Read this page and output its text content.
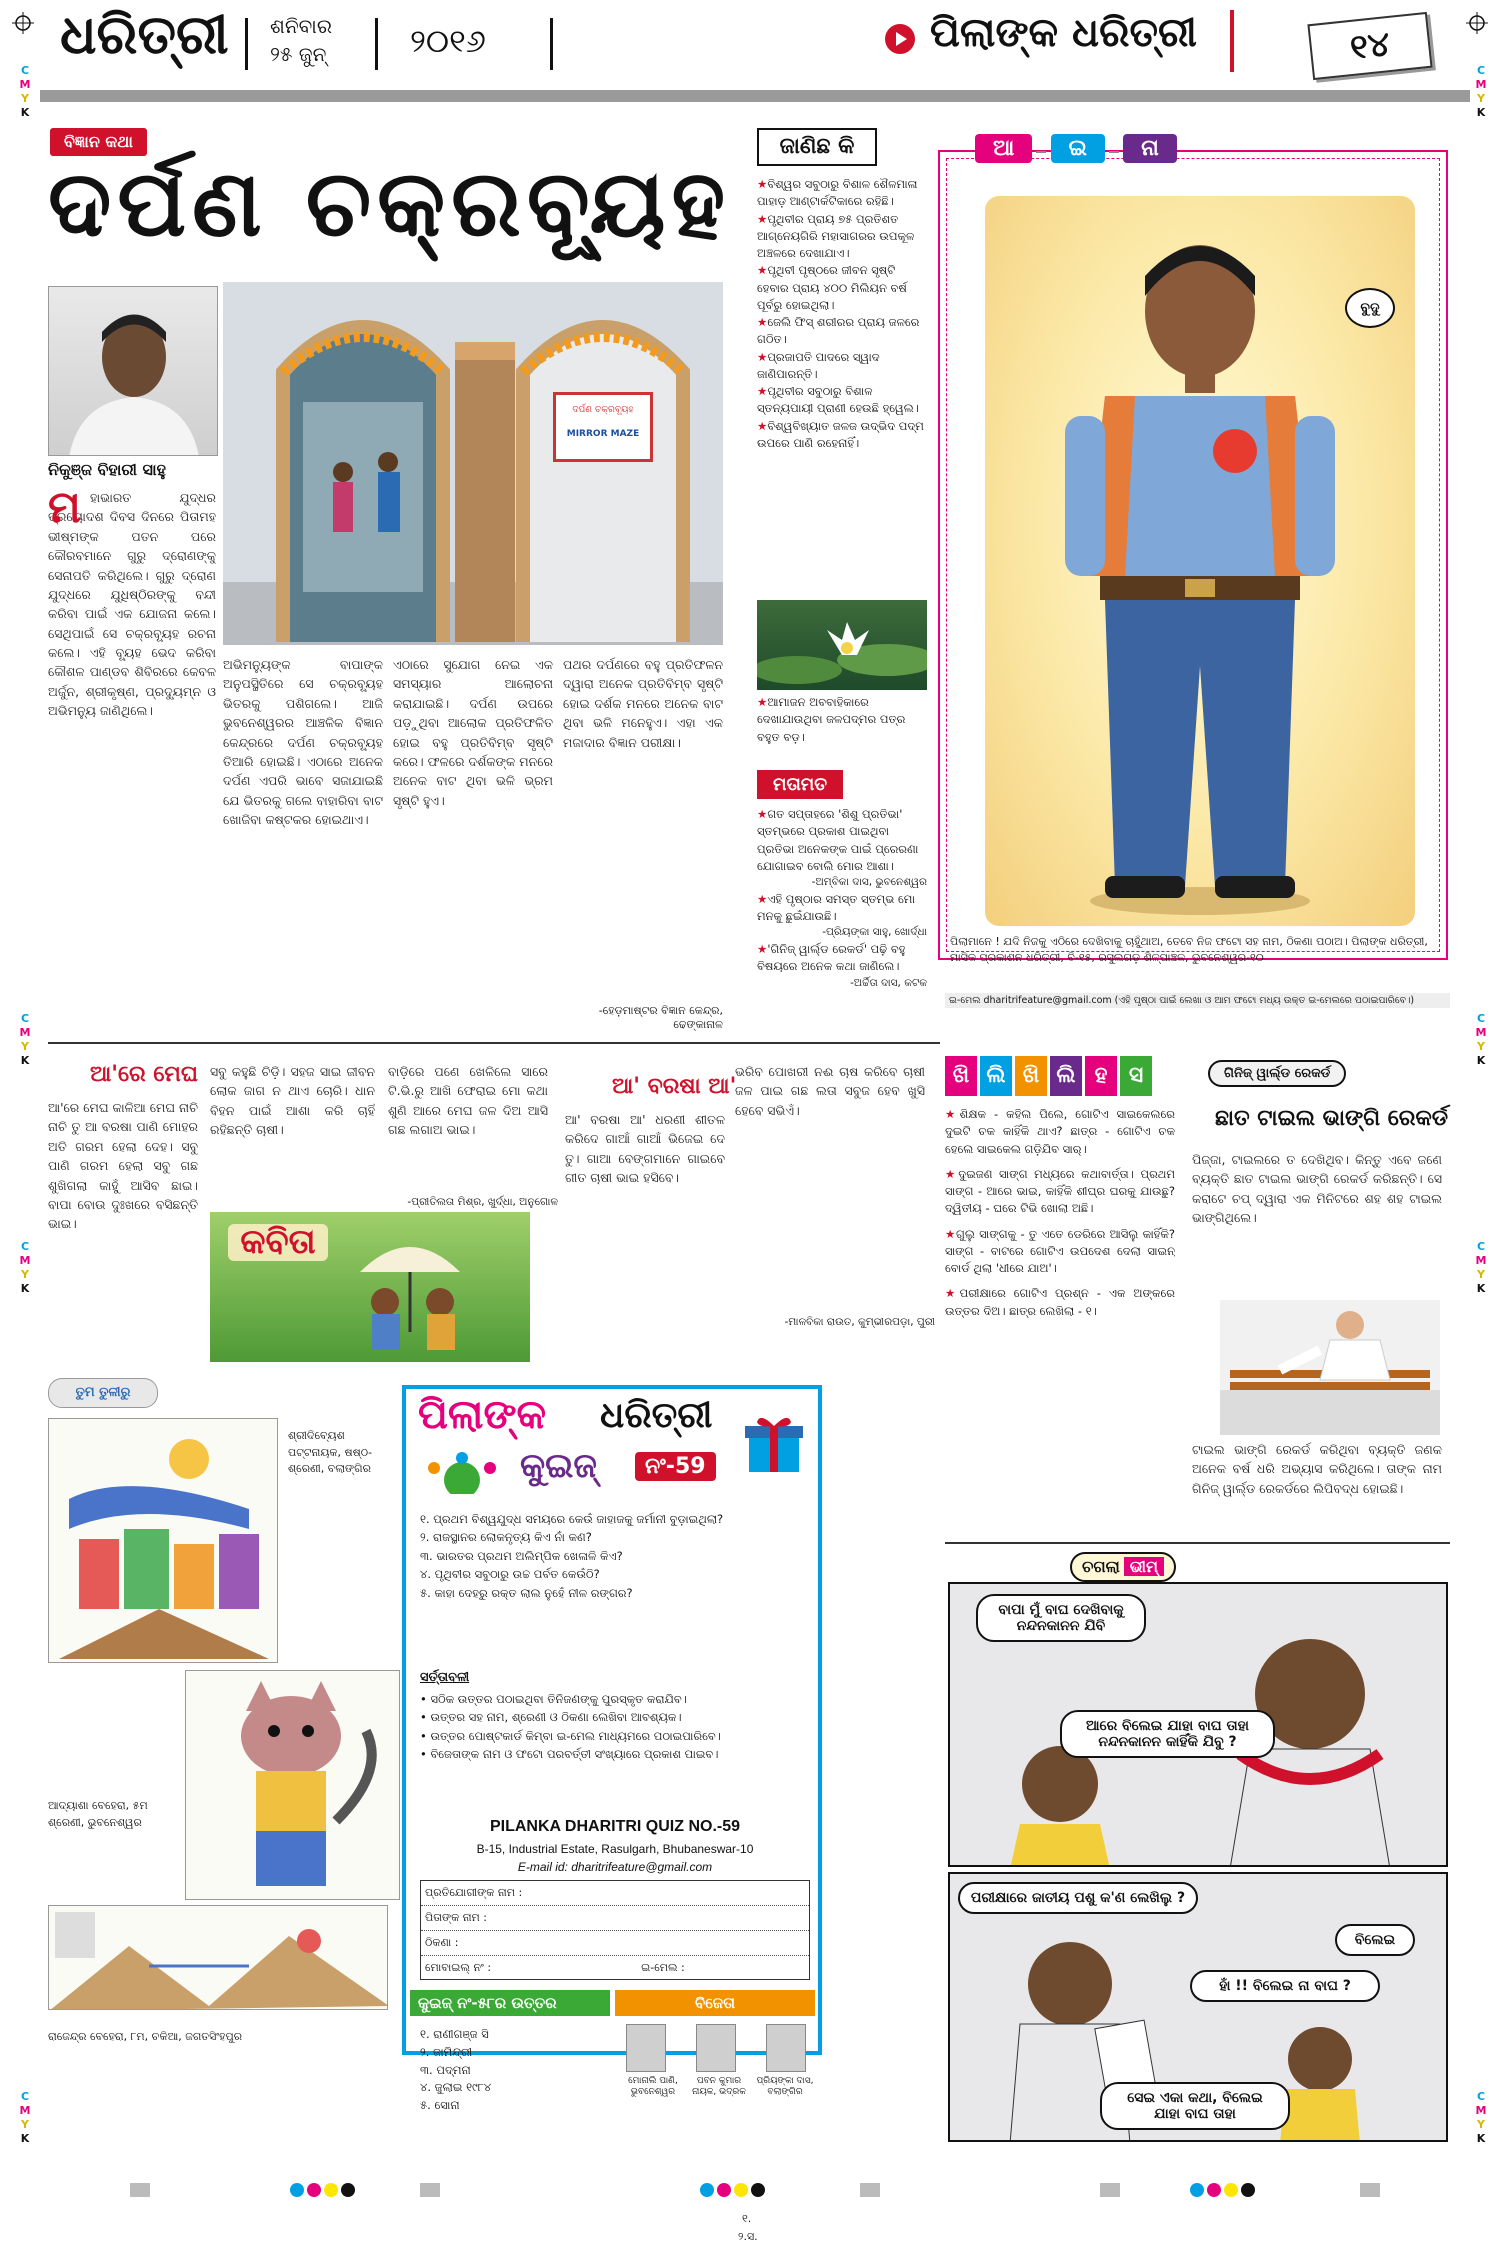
ଧରିତ୍ରୀ ଶନିବାର
୨୫ ଜୁନ୍	୨୦୧୬	ପିଲାଙ୍କ ଧରିତ୍ରୀ	୧୪
C
M
Y
K
C
M
Y
K
C
M
Y
K
C
M
Y
K
C
M
Y
K
C
M
Y
K
C
M
Y
K
C
M
Y
K
ବିଜ୍ଞାନ କଥା
ଦର୍ପଣ ଚକ୍ରବ୍ୟୂହ
ନିକୁଞ୍ଜ ବିହାରୀ ସାହୁ
ଦର୍ପଣ ଚକ୍ରବ୍ୟୂହ
MIRROR MAZE
ମ ହାଭାରତ ଯୁଦ୍ଧର ତ୍ରୟୋଦଶ ଦିବସ ଦିନରେ ପିତାମହ ଭୀଷ୍ମଙ୍କ ପତନ ପରେ କୌରବମାନେ ଗୁରୁ ଦ୍ରୋଣଙ୍କୁ ସେନାପତି କରିଥିଲେ। ଗୁରୁ ଦ୍ରୋଣ ଯୁଦ୍ଧରେ ଯୁଧିଷ୍ଠିରଙ୍କୁ ବନ୍ଦୀ କରିବା ପାଇଁ ଏକ ଯୋଜନା କଲେ। ସେଥିପାଇଁ ସେ ଚକ୍ରବ୍ୟୂହ ରଚନା କଲେ। ଏହି ବ୍ୟୂହ ଭେଦ କରିବା କୌଶଳ ପାଣ୍ଡବ ଶିବିରରେ କେବଳ ଅର୍ଜୁନ, ଶ୍ରୀକୃଷ୍ଣ, ପ୍ରଦ୍ୟୁମ୍ନ ଓ ଅଭିମନ୍ୟୁ ଜାଣିଥିଲେ।
ଅଭିମନ୍ୟୁଙ୍କ ବାପାଙ୍କ ଅନୁପସ୍ଥିତିରେ ସେ ଚକ୍ରବ୍ୟୂହ ଭିତରକୁ ପଶିଗଲେ। ଆଜି ଭୁବନେଶ୍ୱରର ଆଞ୍ଚଳିକ ବିଜ୍ଞାନ କେନ୍ଦ୍ରରେ ଦର୍ପଣ ଚକ୍ରବ୍ୟୂହ ତିଆରି ହୋଇଛି। ଏଠାରେ ଅନେକ ଦର୍ପଣ ଏପରି ଭାବେ ସଜାଯାଇଛି ଯେ ଭିତରକୁ ଗଲେ ବାହାରିବା ବାଟ ଖୋଜିବା କଷ୍ଟକର ହୋଇଥାଏ।
ଏଠାରେ ସୁଯୋଗ ନେଇ ଏକ ସମସ୍ୟାର ଆଲୋଚନା କରାଯାଇଛି। ଦର୍ପଣ ଉପରେ ପଡ଼ୁଥିବା ଆଲୋକ ପ୍ରତିଫଳିତ ହୋଇ ବହୁ ପ୍ରତିବିମ୍ବ ସୃଷ୍ଟି କରେ। ଫଳରେ ଦର୍ଶକଙ୍କ ମନରେ ଅନେକ ବାଟ ଥିବା ଭଳି ଭ୍ରମ ସୃଷ୍ଟି ହୁଏ।
ପଥର ଦର୍ପଣରେ ବହୁ ପ୍ରତିଫଳନ ଦ୍ୱାରା ଅନେକ ପ୍ରତିବିମ୍ବ ସୃଷ୍ଟି ହୋଇ ଦର୍ଶକ ମନରେ ଅନେକ ବାଟ ଥିବା ଭଳି ମନେହୁଏ। ଏହା ଏକ ମଜାଦାର ବିଜ୍ଞାନ ପରୀକ୍ଷା।
-ହେଡ଼ମାଷ୍ଟର ବିଜ୍ଞାନ କେନ୍ଦ୍ର, ଢେଙ୍କାନାଳ
ଜାଣିଛ କି
★ବିଶ୍ୱର ସବୁଠାରୁ ବିଶାଳ ଶୈଳମାଳା ପାହାଡ଼ ଆଣ୍ଟାର୍କଟିକାରେ ରହିଛି।
★ପୃଥିବୀର ପ୍ରାୟ ୭୫ ପ୍ରତିଶତ ଆଗ୍ନେୟଗିରି ମହାସାଗରର ଉପକୂଳ ଅଞ୍ଚଳରେ ଦେଖାଯାଏ।
★ପୃଥିବୀ ପୃଷ୍ଠରେ ଜୀବନ ସୃଷ୍ଟି ହେବାର ପ୍ରାୟ ୪୦୦ ମିଲିୟନ ବର୍ଷ ପୂର୍ବରୁ ହୋଇଥିଲା।
★ଜେଲି ଫିସ୍ ଶରୀରର ପ୍ରାୟ ଜଳରେ ଗଠିତ।
★ପ୍ରଜାପତି ପାଦରେ ସ୍ୱାଦ ଜାଣିପାରନ୍ତି।
★ପୃଥିବୀର ସବୁଠାରୁ ବିଶାଳ ସ୍ତନ୍ୟପାୟୀ ପ୍ରାଣୀ ହେଉଛି ହ୍ୱେଲ।
★ବିଶ୍ୱବିଖ୍ୟାତ ଜଳଜ ଉଦ୍ଭିଦ ପଦ୍ମ ଉପରେ ପାଣି ରହେନାହିଁ।
★ଆମାଜନ ଅବବାହିକାରେ ଦେଖାଯାଉଥିବା ଜଳପଦ୍ମର ପତ୍ର ବହୁତ ବଡ଼।
ମତାମତ
★ଗତ ସପ୍ତାହରେ 'ଶିଶୁ ପ୍ରତିଭା' ସ୍ତମ୍ଭରେ ପ୍ରକାଶ ପାଇଥିବା ପ୍ରତିଭା ଅନେକଙ୍କ ପାଇଁ ପ୍ରେରଣା ଯୋଗାଇବ ବୋଲି ମୋର ଆଶା।
-ଅମ୍ବିକା ଦାସ, ଭୁବନେଶ୍ୱର
★ଏହି ପୃଷ୍ଠାର ସମସ୍ତ ସ୍ତମ୍ଭ ମୋ ମନକୁ ଛୁଇଁଯାଉଛି।
-ପ୍ରିୟଙ୍କା ସାହୁ, ଖୋର୍ଦ୍ଧା
★'ଗିନିଜ୍ ୱାର୍ଲ୍ଡ ରେକର୍ଡ' ପଢ଼ି ବହୁ ବିଷୟରେ ଅନେକ କଥା ଜାଣିଲେ।
-ଅର୍ଚ୍ଚିତା ଦାସ, କଟକ
ଆ ଇ ନା
ବୁଦୁ
ପିଲାମାନେ ! ଯଦି ନିଜକୁ ଏଠିରେ ଦେଖିବାକୁ ଚାହୁଁଥାଅ, ତେବେ ନିଜ ଫଟୋ ସହ ନାମ, ଠିକଣା ପଠାଅ। ପିଲାଙ୍କ ଧରିତ୍ରୀ, ମାସିକ ପ୍ରକାଶନ ଧରିତ୍ରୀ, ବି-୧୫, ରସୁଲଗଡ଼ ଶିଳ୍ପାଞ୍ଚଳ, ଭୁବନେଶ୍ୱର-୧୦
ଇ-ମେଲ dharitrifeature@gmail.com (ଏହି ପୃଷ୍ଠା ପାଇଁ ଲେଖା ଓ ଆମ ଫଟୋ ମଧ୍ୟ ଉକ୍ତ ଇ-ମେଲରେ ପଠାଇପାରିବେ।)
ଆ'ରେ ମେଘ
ଆ'ରେ ମେଘ କାଳିଆ ମେଘ ନାଚି ନାଚି ତୁ ଆ ବରଷା ପାଣି ମୋହର ଅତି ଗରମ ହେଲା ଦେହ। ସବୁ ପାଣି ଗରମ ହେଲା ସବୁ ଗଛ ଶୁଖିଗଲା କାହୁଁ ଆସିବ ଛାଇ। ବାପା ବୋଉ ଦୁଃଖରେ ବସିଛନ୍ତି ଭାଇ।
ସବୁ କହୁଛି ଚିଡ଼ି। ସହଜ ସାଇ ଜୀବନ ଲୋକ ଜାଗ ନ ଥାଏ ଚୋରି। ଧାନ ବିହନ ପାଇଁ ଆଶା କରି ଚାହିଁ ରହିଛନ୍ତି ଚାଷୀ।
ବାଡ଼ିରେ ପଣେ ଖେଳିଲେ ସାରେ ଟି.ଭି.ରୁ ଆଖି ଫେରାଇ ମୋ କଥା ଶୁଣି ଆରେ ମେଘ ଜଳ ଦିଅ ଆସି ଗଛ ଲଗାଅ ଭାଇ।
-ପ୍ରୀତିଲତା ମିଶ୍ର, ଖୁର୍ଦ୍ଧା, ଅନୁଗୋଳ
କବିତା
ଆ' ବରଷା ଆ'
ଆ' ବରଷା ଆ' ଧରଣୀ ଶୀତଳ କରିଦେ ଗାଆଁ ଗାଆଁ ଭିଜେଇ ଦେ ତୁ। ଗାଆ ବେଙ୍ଗମାନେ ଗାଇବେ ଗୀତ ଚାଷୀ ଭାଇ ହସିବେ।
ଭରିବ ପୋଖରୀ ନଈ ଚାଷ କରିବେ ଚାଷୀ ଜଳ ପାଇ ଗଛ ଲତା ସବୁଜ ହେବ ଖୁସି ହେବେ ସଭିଏଁ।
-ମାଳବିକା ରାଉତ, କୁମ୍ଭୀରପଡ଼ା, ପୁରୀ
ଖି ଲି ଖି ଲି ହ ସ
★ଶିକ୍ଷକ - କହିଲ ପିଲେ, ଗୋଟିଏ ସାଇକେଲରେ ଦୁଇଟି ଚକ କାହିଁକି ଥାଏ? ଛାତ୍ର - ଗୋଟିଏ ଚକ ହେଲେ ସାଇକେଲ ଗଡ଼ିଯିବ ସାର୍।
★ଦୁଇଜଣ ସାଙ୍ଗ ମଧ୍ୟରେ କଥାବାର୍ତ୍ତା। ପ୍ରଥମ ସାଙ୍ଗ - ଆରେ ଭାଇ, କାହିଁକି ଶୀଘ୍ର ଘରକୁ ଯାଉଛୁ? ଦ୍ୱିତୀୟ - ଘରେ ଟିଭି ଖୋଲା ଅଛି।
★ଗୁଲୁ ସାଙ୍ଗକୁ - ତୁ ଏତେ ଡେରିରେ ଆସିଲୁ କାହିଁକି? ସାଙ୍ଗ - ବାଟରେ ଗୋଟିଏ ଉପଦେଶ ଦେଲା ସାଇନ୍ ବୋର୍ଡ ଥିଲା 'ଧୀରେ ଯାଅ'।
★ପରୀକ୍ଷାରେ ଗୋଟିଏ ପ୍ରଶ୍ନ - ଏକ ଅଙ୍କରେ ଉତ୍ତର ଦିଅ। ଛାତ୍ର ଲେଖିଲା - ୧।
ଗିନିଜ୍ ୱାର୍ଲ୍ଡ ରେକର୍ଡ
ଛାତ ଟାଇଲ ଭାଙ୍ଗି ରେକର୍ଡ
ପିଜ୍ଜା, ଟାଇଲରେ ତ ଦେଖିଥିବ। କିନ୍ତୁ ଏବେ ଜଣେ ବ୍ୟକ୍ତି ଛାତ ଟାଇଲ ଭାଙ୍ଗି ରେକର୍ଡ କରିଛନ୍ତି। ସେ କରାଟେ ଚପ୍ ଦ୍ୱାରା ଏକ ମିନିଟରେ ଶହ ଶହ ଟାଇଲ ଭାଙ୍ଗିଥିଲେ।
ଟାଇଲ ଭାଙ୍ଗି ରେକର୍ଡ କରିଥିବା ବ୍ୟକ୍ତି ଜଣକ ଅନେକ ବର୍ଷ ଧରି ଅଭ୍ୟାସ କରିଥିଲେ। ତାଙ୍କ ନାମ ଗିନିଜ୍ ୱାର୍ଲ୍ଡ ରେକର୍ଡରେ ଲିପିବଦ୍ଧ ହୋଇଛି।
ତୁମ ତୁଳୀରୁ
ଶ୍ରୀଦିବ୍ୟେଶ ପଟ୍ଟନାୟକ, ଷଷ୍ଠ-ଶ୍ରେଣୀ, ବଲାଙ୍ଗିର
ଆଦ୍ୟାଶା ବେହେରା, ୫ମ ଶ୍ରେଣୀ, ଭୁବନେଶ୍ୱର
ରାଜେନ୍ଦ୍ର ବେହେରା, ୮ମ, ଚକିଆ, ଜଗତସିଂହପୁର
ପିଲାଙ୍କ ଧରିତ୍ରୀ
କୁଇଜ୍	ନଂ-59
୧. ପ୍ରଥମ ବିଶ୍ୱଯୁଦ୍ଧ ସମୟରେ କେଉଁ ଜାହାଜକୁ ଜର୍ମାନୀ ବୁଡ଼ାଇଥିଲା?
୨. ରାଜସ୍ଥାନର ଲୋକନୃତ୍ୟ କିଏ ନାଁ କଣ?
୩. ଭାରତର ପ୍ରଥମ ଅଲିମ୍ପିକ ଖେଳାଳି କିଏ?
୪. ପୃଥିବୀର ସବୁଠାରୁ ଉଚ୍ଚ ପର୍ବତ କେଉଁଠି?
୫. କାହା ଦେହରୁ ରକ୍ତ ଲାଲ ନୁହେଁ ନୀଳ ରଙ୍ଗର?
ସର୍ତ୍ତାବଳୀ
• ସଠିକ ଉତ୍ତର ପଠାଇଥିବା ତିନିଜଣଙ୍କୁ ପୁରସ୍କୃତ କରାଯିବ।
• ଉତ୍ତର ସହ ନାମ, ଶ୍ରେଣୀ ଓ ଠିକଣା ଲେଖିବା ଆବଶ୍ୟକ।
• ଉତ୍ତର ପୋଷ୍ଟକାର୍ଡ କିମ୍ବା ଇ-ମେଲ ମାଧ୍ୟମରେ ପଠାଇପାରିବେ।
• ବିଜେତାଙ୍କ ନାମ ଓ ଫଟୋ ପରବର୍ତ୍ତୀ ସଂଖ୍ୟାରେ ପ୍ରକାଶ ପାଇବ।
PILANKA DHARITRI QUIZ NO.-59
B-15, Industrial Estate, Rasulgarh, Bhubaneswar-10
E-mail id: dharitrifeature@gmail.com
ପ୍ରତିଯୋଗୀଙ୍କ ନାମ :
ପିତାଙ୍କ ନାମ :
ଠିକଣା :
ମୋବାଇଲ୍ ନଂ :	ଇ-ମେଲ :
କୁଇଜ୍ ନଂ-୫୮ର ଉତ୍ତର	ବିଜେତା
୧. ରାଣୀଗଞ୍ଜ ସି
୨. ଜାମିନ୍ଦ୍ରୀ
୩. ପଦ୍ମନା
୪. ଜୁଲାଇ ୧୯୮୪
୫. ସୋନା
ମୋନାଲି ପାଣି, ଭୁବନେଶ୍ୱର
ପବନ କୁମାର ନାୟକ, ଭଦ୍ରକ
ପ୍ରିୟଙ୍କା ଦାସ, ବଲାଙ୍ଗିର
ଚଗଲା ଭୀମ୍
ବାପା ମୁଁ ବାଘ ଦେଖିବାକୁ ନନ୍ଦନକାନନ ଯିବି
ଆରେ ବିଲେଇ ଯାହା ବାଘ ତାହା ନନ୍ଦନକାନନ କାହିଁକି ଯିବୁ ?
ପରୀକ୍ଷାରେ ଜାତୀୟ ପଶୁ କ'ଣ ଲେଖିଲୁ ?
ବିଲେଇ
ହାଁ !! ବିଲେଇ ନା ବାଘ ?
ସେଇ ଏକା କଥା, ବିଲେଇ ଯାହା ବାଘ ତାହା
୧.
୨.ସ.
